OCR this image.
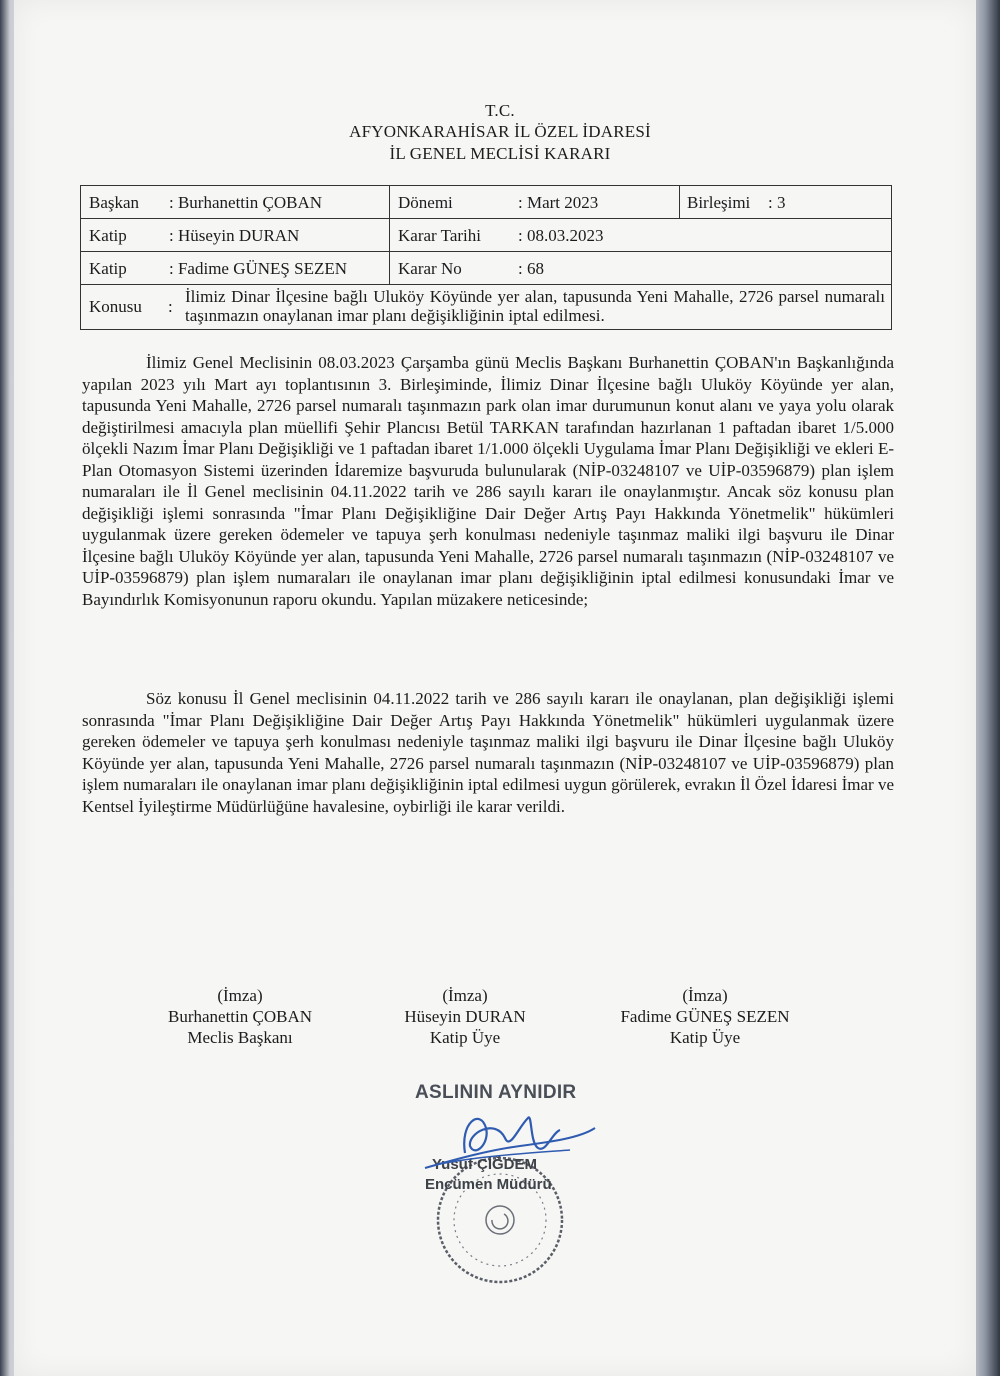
T.C.
AFYONKARAHİSAR İL ÖZEL İDARESİ
İL GENEL MECLİSİ KARARI
Başkan : Burhanettin ÇOBAN	Dönemi	: Mart 2023	Birleşimi : 3
Katip : Hüseyin DURAN	Karar Tarihi : 08.03.2023
Katip : Fadime GÜNEŞ SEZEN	Karar No	: 68
Konusu :
İlimiz Dinar İlçesine bağlı Uluköy Köyünde yer alan, tapusunda Yeni Mahalle, 2726 parsel numaralı taşınmazın onaylanan imar planı değişikliğinin iptal edilmesi.
İlimiz Genel Meclisinin 08.03.2023 Çarşamba günü Meclis Başkanı Burhanettin ÇOBAN'ın Başkanlığında yapılan 2023 yılı Mart ayı toplantısının 3. Birleşiminde, İlimiz Dinar İlçesine bağlı Uluköy Köyünde yer alan, tapusunda Yeni Mahalle, 2726 parsel numaralı taşınmazın park olan imar durumunun konut alanı ve yaya yolu olarak değiştirilmesi amacıyla plan müellifi Şehir Plancısı Betül TARKAN tarafından hazırlanan 1 paftadan ibaret 1/5.000 ölçekli Nazım İmar Planı Değişikliği ve 1 paftadan ibaret 1/1.000 ölçekli Uygulama İmar Planı Değişikliği ve ekleri E- Plan Otomasyon Sistemi üzerinden İdaremize başvuruda bulunularak (NİP-03248107 ve UİP-03596879) plan işlem numaraları ile İl Genel meclisinin 04.11.2022 tarih ve 286 sayılı kararı ile onaylanmıştır. Ancak söz konusu plan değişikliği işlemi sonrasında "İmar Planı Değişikliğine Dair Değer Artış Payı Hakkında Yönetmelik" hükümleri uygulanmak üzere gereken ödemeler ve tapuya şerh konulması nedeniyle taşınmaz maliki ilgi başvuru ile Dinar İlçesine bağlı Uluköy Köyünde yer alan, tapusunda Yeni Mahalle, 2726 parsel numaralı taşınmazın (NİP-03248107 ve UİP-03596879) plan işlem numaraları ile onaylanan imar planı değişikliğinin iptal edilmesi konusundaki İmar ve Bayındırlık Komisyonunun raporu okundu. Yapılan müzakere neticesinde;
Söz konusu İl Genel meclisinin 04.11.2022 tarih ve 286 sayılı kararı ile onaylanan, plan değişikliği işlemi sonrasında "İmar Planı Değişikliğine Dair Değer Artış Payı Hakkında Yönetmelik" hükümleri uygulanmak üzere gereken ödemeler ve tapuya şerh konulması nedeniyle taşınmaz maliki ilgi başvuru ile Dinar İlçesine bağlı Uluköy Köyünde yer alan, tapusunda Yeni Mahalle, 2726 parsel numaralı taşınmazın (NİP-03248107 ve UİP-03596879) plan işlem numaraları ile onaylanan imar planı değişikliğinin iptal edilmesi uygun görülerek, evrakın İl Özel İdaresi İmar ve Kentsel İyileştirme Müdürlüğüne havalesine, oybirliği ile karar verildi.
(İmza)
Burhanettin ÇOBAN
Meclis Başkanı
(İmza)
Hüseyin DURAN
Katip Üye
(İmza)
Fadime GÜNEŞ SEZEN
Katip Üye
ASLININ AYNIDIR
Yusuf ÇİĞDEM
Encümen Müdürü
